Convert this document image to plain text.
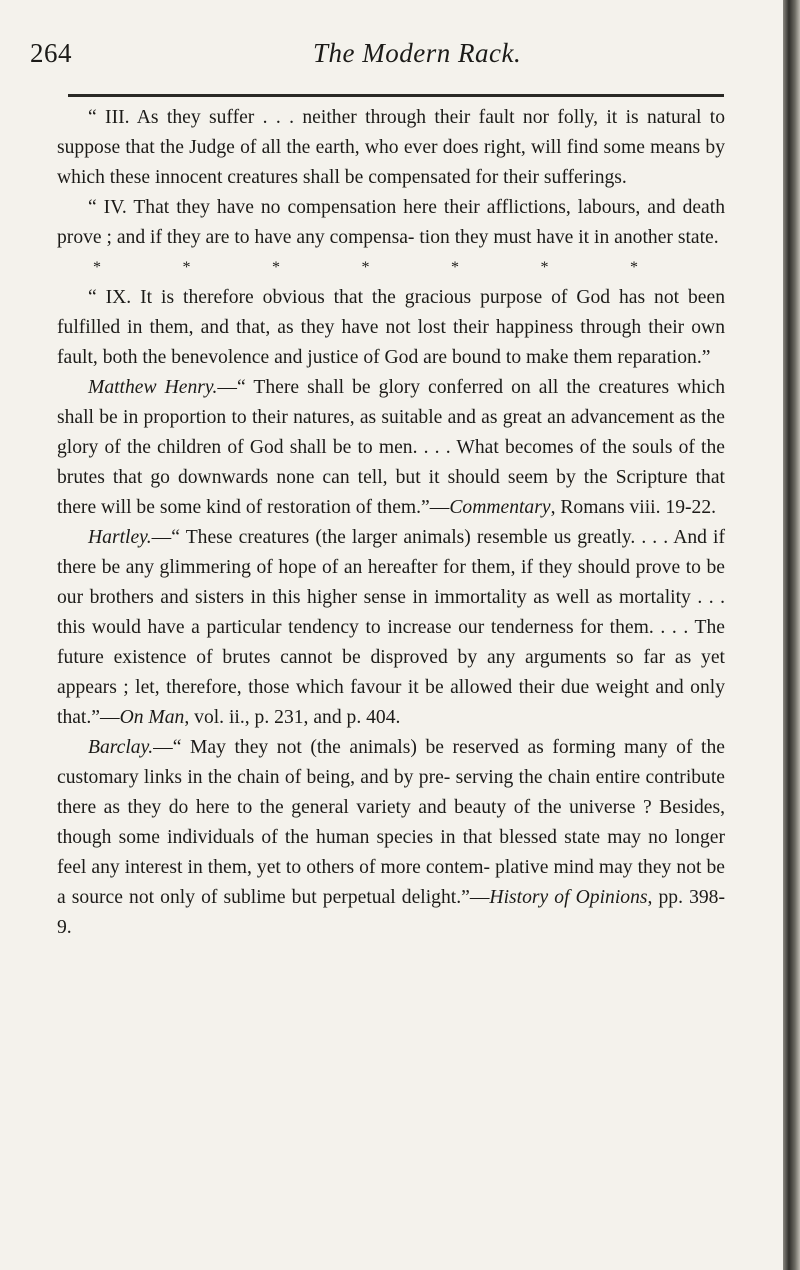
264	The Modern Rack.

“ III. As they suffer . . . neither through their fault nor folly, it is natural to suppose that the Judge of all the earth, who ever does right, will find some means by which these innocent creatures shall be compensated for their sufferings.

“ IV. That they have no compensation here their afflictions, labours, and death prove ; and if they are to have any compensa- tion they must have it in another state.

*	*	*	*	*	*	*

“ IX. It is therefore obvious that the gracious purpose of God has not been fulfilled in them, and that, as they have not lost their happiness through their own fault, both the benevolence and justice of God are bound to make them reparation.”

Matthew Henry.—“ There shall be glory conferred on all the creatures which shall be in proportion to their natures, as suitable and as great an advancement as the glory of the children of God shall be to men. . . . What becomes of the souls of the brutes that go downwards none can tell, but it should seem by the Scripture that there will be some kind of restoration of them.”—Commentary, Romans viii. 19-22.

Hartley.—“ These creatures (the larger animals) resemble us greatly. . . . And if there be any glimmering of hope of an hereafter for them, if they should prove to be our brothers and sisters in this higher sense in immortality as well as mortality . . . this would have a particular tendency to increase our tenderness for them. . . . The future existence of brutes cannot be disproved by any arguments so far as yet appears ; let, therefore, those which favour it be allowed their due weight and only that.”—On Man, vol. ii., p. 231, and p. 404.

Barclay.—“ May they not (the animals) be reserved as forming many of the customary links in the chain of being, and by pre- serving the chain entire contribute there as they do here to the general variety and beauty of the universe ? Besides, though some individuals of the human species in that blessed state may no longer feel any interest in them, yet to others of more contem- plative mind may they not be a source not only of sublime but perpetual delight.”—History of Opinions, pp. 398-9.
